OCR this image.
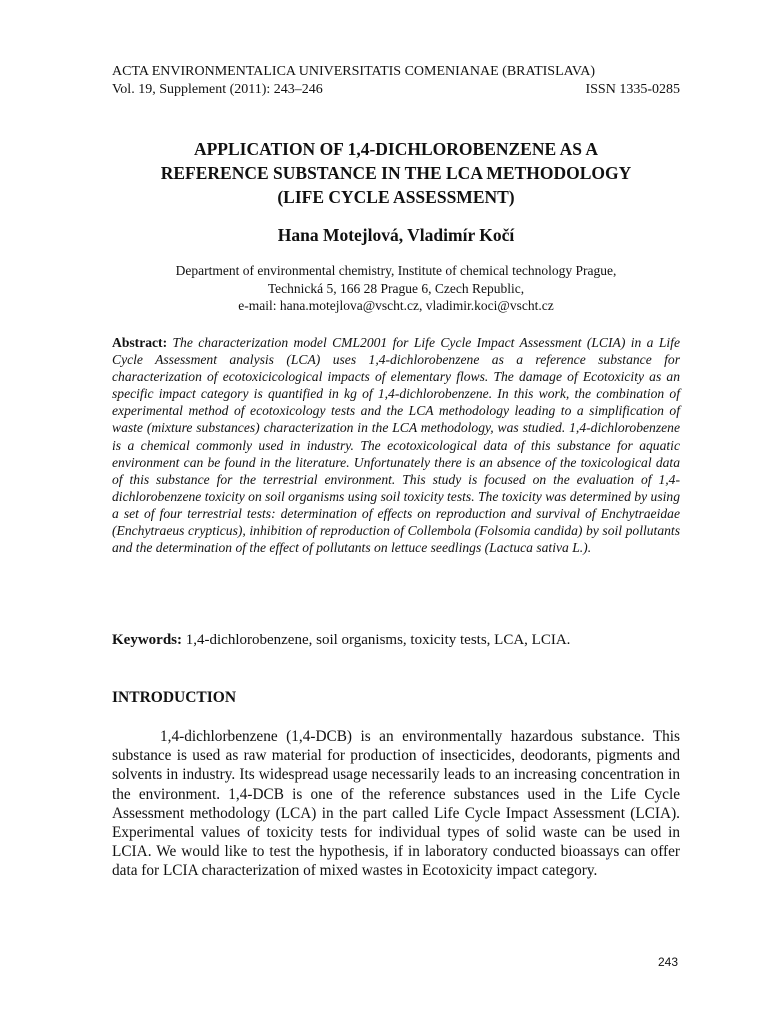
ACTA ENVIRONMENTALICA UNIVERSITATIS COMENIANAE (BRATISLAVA)
Vol. 19, Supplement (2011): 243–246	ISSN 1335-0285
APPLICATION OF 1,4-DICHLOROBENZENE AS A
REFERENCE SUBSTANCE IN THE LCA METHODOLOGY
(LIFE CYCLE ASSESSMENT)
Hana Motejlová, Vladimír Kočí
Department of environmental chemistry, Institute of chemical technology Prague,
Technická 5, 166 28 Prague 6, Czech Republic,
e-mail: hana.motejlova@vscht.cz, vladimir.koci@vscht.cz
Abstract: The characterization model CML2001 for Life Cycle Impact Assessment (LCIA) in a Life Cycle Assessment analysis (LCA) uses 1,4-dichlorobenzene as a reference substance for characterization of ecotoxicicological impacts of elementary flows. The damage of Ecotoxicity as an specific impact category is quantified in kg of 1,4-dichlorobenzene. In this work, the combination of experimental method of ecotoxicology tests and the LCA methodology leading to a simplification of waste (mixture substances) characterization in the LCA methodology, was studied. 1,4-dichlorobenzene is a chemical commonly used in industry. The ecotoxicological data of this substance for aquatic environment can be found in the literature. Unfortunately there is an absence of the toxicological data of this substance for the terrestrial environment. This study is focused on the evaluation of 1,4-dichlorobenzene toxicity on soil organisms using soil toxicity tests. The toxicity was determined by using a set of four terrestrial tests: determination of effects on reproduction and survival of Enchytraeidae (Enchytraeus crypticus), inhibition of reproduction of Collembola (Folsomia candida) by soil pollutants and the determination of the effect of pollutants on lettuce seedlings (Lactuca sativa L.).
Keywords: 1,4-dichlorobenzene, soil organisms, toxicity tests, LCA, LCIA.
INTRODUCTION
1,4-dichlorbenzene (1,4-DCB) is an environmentally hazardous substance. This substance is used as raw material for production of insecticides, deodorants, pigments and solvents in industry. Its widespread usage necessarily leads to an increasing concentration in the environment. 1,4-DCB is one of the reference substances used in the Life Cycle Assessment methodology (LCA) in the part called Life Cycle Impact Assessment (LCIA). Experimental values of toxicity tests for individual types of solid waste can be used in LCIA. We would like to test the hypothesis, if in laboratory conducted bioassays can offer data for LCIA characterization of mixed wastes in Ecotoxicity impact category.
243
